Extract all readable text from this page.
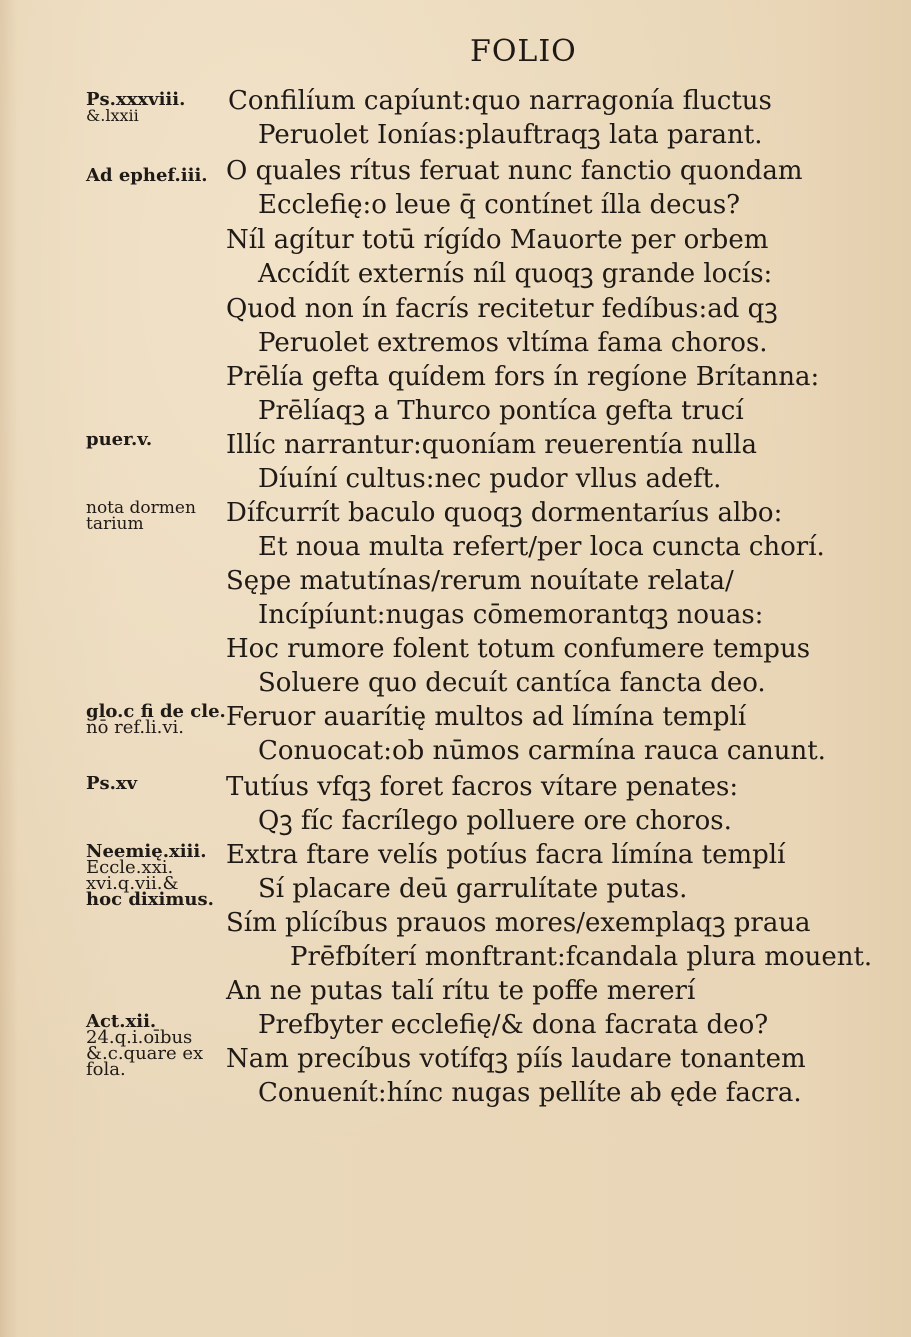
FOLIO
Ps.xxxviii.
&.lxxii
Ad ephef.iii.
puer.v.
nota dormen
tarium
glo.c fi de cle.
nō ref.li.vi.
Ps.xv
Neemię.xiii.
Eccle.xxi.
xvi.q.vii.&
hoc diximus.
Act.xii.
24.q.i.oībus
&.c.quare ex
fola.
Confilíum capíunt:quo narragonía fluctus
Peruolet Ionías:plauftraqꝫ lata parant.
O quales rítus feruat nunc fanctio quondam
Ecclefię:o leue q̄ contínet ílla decus?
Níl agítur totū rígído Mauorte per orbem
Accídít externís níl quoqꝫ grande locís:
Quod non ín facrís recitetur fedíbus:ad qꝫ
Peruolet extremos vltíma fama choros.
Prēlía gefta quídem fors ín regíone Brítanna:
Prēlíaqꝫ a Thurco pontíca gefta trucí
Illíc narrantur:quoníam reuerentía nulla
Díuíní cultus:nec pudor vllus adeft.
Dífcurrít baculo quoqꝫ dormentaríus albo:
Et noua multa refert/per loca cuncta chorí.
Sępe matutínas/rerum nouítate relata/
Incípíunt:nugas cōmemorantqꝫ nouas:
Hoc rumore folent totum confumere tempus
Soluere quo decuít cantíca fancta deo.
Feruor auarítię multos ad límína templí
Conuocat:ob nūmos carmína rauca canunt.
Tutíus vfqꝫ foret facros vítare penates:
Qꝫ fíc facrílego polluere ore choros.
Extra ftare velís potíus facra límína templí
Sí placare deū garrulítate putas.
Sím plícíbus prauos mores/exemplaqꝫ praua
Prēfbíterí monftrant:fcandala plura mouent.
An ne putas talí rítu te poffe mererí
Prefbyter ecclefię/& dona facrata deo?
Nam precíbus votífqꝫ píís laudare tonantem
Conuenít:hínc nugas pellíte ab ęde facra.
